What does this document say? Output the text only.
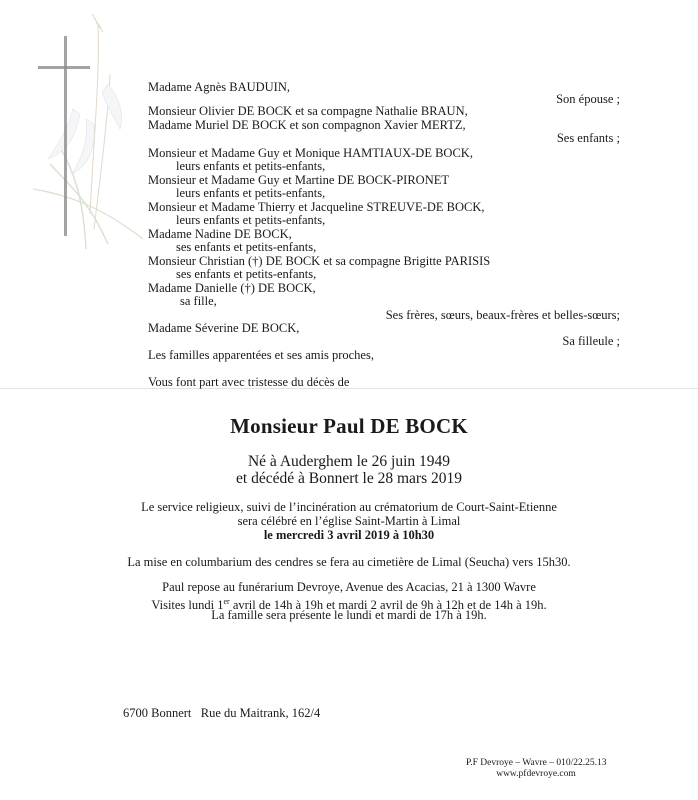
Madame Agnès BAUDUIN,
Son épouse ;
Monsieur Olivier DE BOCK et sa compagne Nathalie BRAUN,
Madame Muriel DE BOCK et son compagnon Xavier MERTZ,
Ses enfants ;
Monsieur et Madame Guy et Monique HAMTIAUX-DE BOCK,
leurs enfants et petits-enfants,
Monsieur et Madame Guy et Martine DE BOCK-PIRONET
leurs enfants et petits-enfants,
Monsieur et Madame Thierry et Jacqueline STREUVE-DE BOCK,
leurs enfants et petits-enfants,
Madame Nadine DE BOCK,
ses enfants et petits-enfants,
Monsieur Christian (†) DE BOCK et sa compagne Brigitte PARISIS
ses enfants et petits-enfants,
Madame Danielle (†) DE BOCK,
sa fille,
Ses frères, sœurs, beaux-frères et belles-sœurs;
Madame Séverine DE BOCK,
Sa filleule ;
Les familles apparentées et ses amis proches,
Vous font part avec tristesse du décès de
Monsieur Paul DE BOCK
Né à Auderghem le 26 juin 1949
et décédé à Bonnert le 28 mars 2019
Le service religieux, suivi de l’incinération au crématorium de Court-Saint-Etienne
sera célébré en l’église Saint-Martin à Limal
le mercredi 3 avril 2019 à 10h30
La mise en columbarium des cendres se fera au cimetière de Limal (Seucha) vers 15h30.
Paul repose au funérarium Devroye, Avenue des Acacias, 21 à 1300 Wavre
Visites lundi 1er avril de 14h à 19h et mardi 2 avril de 9h à 12h et de 14h à 19h.
La famille sera présente le lundi et mardi de 17h à 19h.
6700 Bonnert   Rue du Maitrank, 162/4
P.F Devroye – Wavre – 010/22.25.13
www.pfdevroye.com
